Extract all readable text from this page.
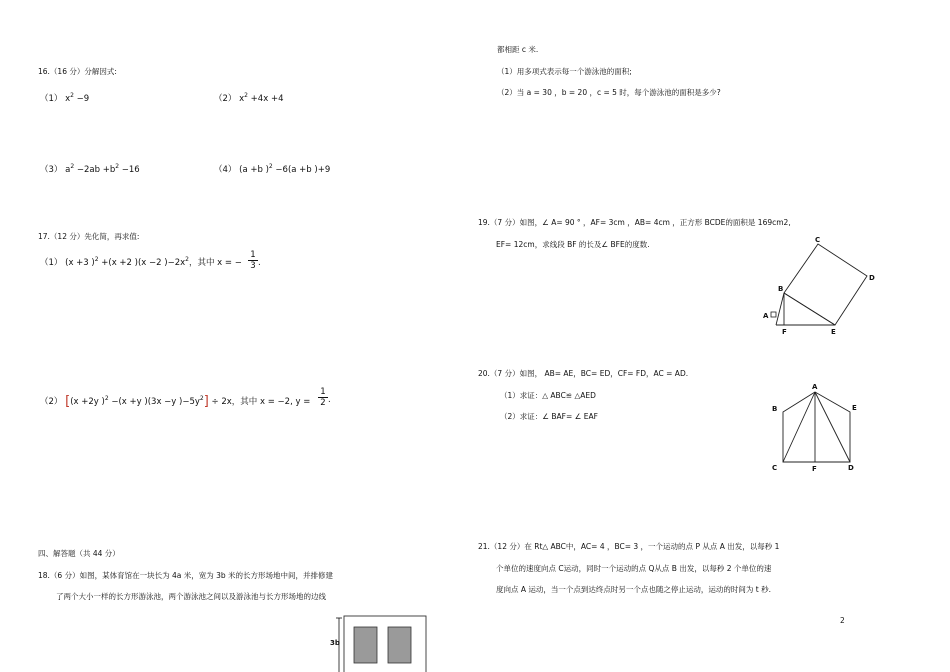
16.（16 分）分解因式:
（1） $x^2 -9$	（2） $x^2 +4x +4$
（3） $a^2 -2ab +b^2 -16$	（4） (a +b )$^2$ −6(a +b )+9
17.（12 分）先化简，再求值:
（1） (x +3 )$^2$ +(x +2 )(x −2 )$-2x^2$，其中 x = − $\frac{1}{3}$ .
（2） [(x +2y )$^2$ −(x +y )(3x −y )$-5y^2] \div 2x$，其中 x = −2, $y = \frac{1}{2}$ .
四、解答题（共 44 分）
18.（6 分）如图，某体育馆在一块长为 4a 米，宽为 3b 米的长方形场地中间，并排修建
了两个大小一样的长方形游泳池，两个游泳池之间以及游泳池与长方形场地的边线
3b
都相距 c 米.
（1）用多项式表示每一个游泳池的面积;
（2）当 a = 30 ，b = 20 ，c = 5 时，每个游泳池的面积是多少?
19.（7 分）如图，∠ A= 90 ° ，AF= 3cm ，AB= 4cm ，正方形 BCDE的面积是 169cm2,
EF= 12cm，求线段 BF 的长及∠ BFE的度数.	C
D
B
A
F	E
20.（7 分）如图， AB= AE，BC= ED，CF= FD，AC = AD.
（1）求证：△ ABC≌ △AED
（2）求证：∠ BAF= ∠ EAF
A
B	E
C	F	D
21.（12 分）在 Rt△ ABC中，AC= 4 ，BC= 3 ，一个运动的点 P 从点 A 出发，以每秒 1
个单位的速度向点 C运动，同时一个运动的点 Q从点 B 出发，以每秒 2 个单位的速
度向点 A 运动，当一个点到达终点时另一个点也随之停止运动，运动的时间为 t 秒.
2
